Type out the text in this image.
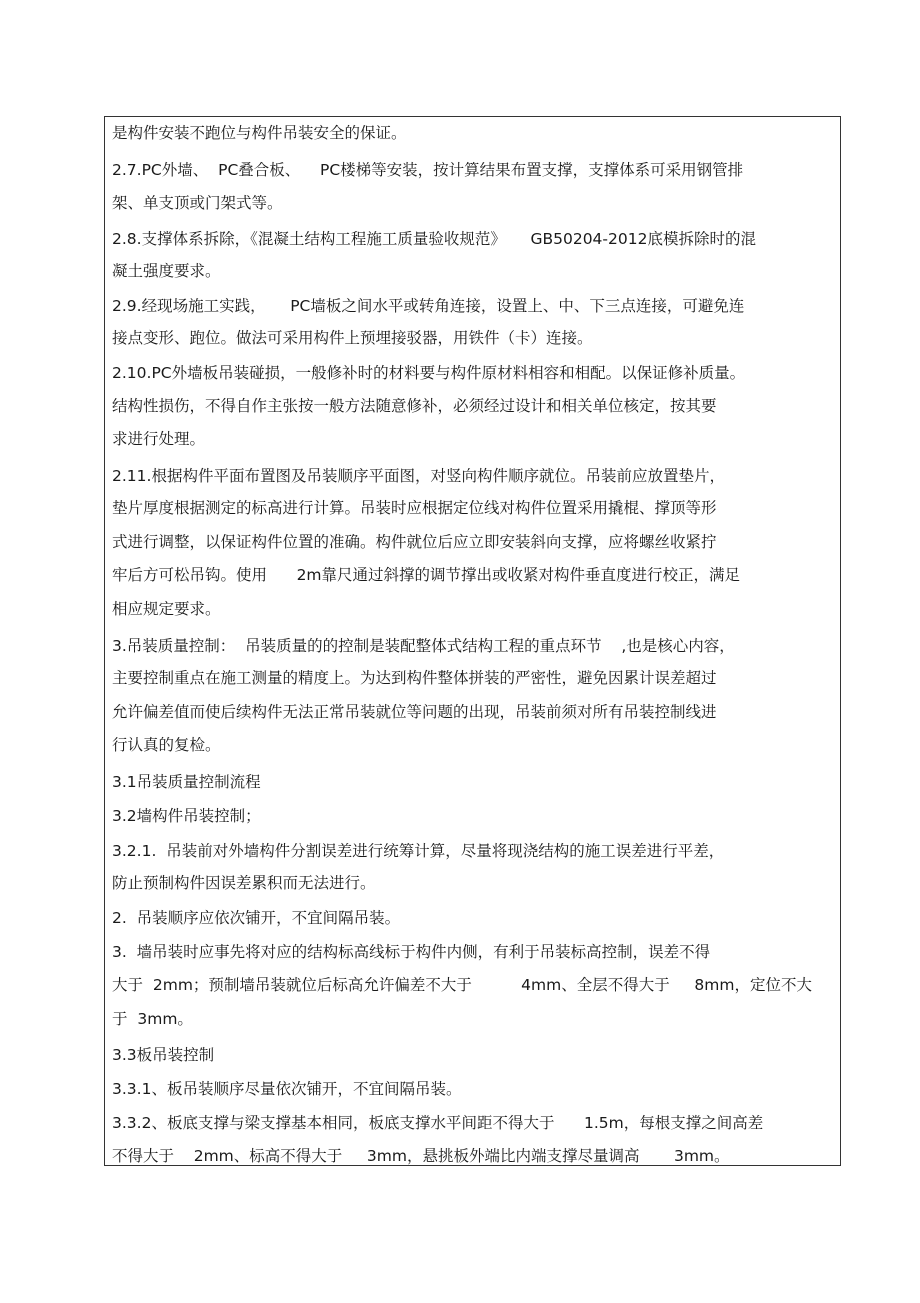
是构件安装不跑位与构件吊装安全的保证。
2.7.PC外墙、  PC叠合板、    PC楼梯等安装，按计算结果布置支撑，支撑体系可采用钢管排
架、单支顶或门架式等。
2.8.支撑体系拆除，《混凝土结构工程施工质量验收规范》     GB50204-2012底模拆除时的混
凝土强度要求。
2.9.经现场施工实践，     PC墙板之间水平或转角连接，设置上、中、下三点连接，可避免连
接点变形、跑位。做法可采用构件上预埋接驳器，用铁件（卡）连接。
2.10.PC外墙板吊装碰损，一般修补时的材料要与构件原材料相容和相配。以保证修补质量。
结构性损伤，不得自作主张按一般方法随意修补，必须经过设计和相关单位核定，按其要
求进行处理。
2.11.根据构件平面布置图及吊装顺序平面图，对竖向构件顺序就位。吊装前应放置垫片，
垫片厚度根据测定的标高进行计算。吊装时应根据定位线对构件位置采用撬棍、撑顶等形
式进行调整，以保证构件位置的准确。构件就位后应立即安装斜向支撑，应将螺丝收紧拧
牢后方可松吊钩。使用      2m靠尺通过斜撑的调节撑出或收紧对构件垂直度进行校正，满足
相应规定要求。
3.吊装质量控制：  吊装质量的的控制是装配整体式结构工程的重点环节    ,也是核心内容，
主要控制重点在施工测量的精度上。为达到构件整体拼装的严密性，避免因累计误差超过
允许偏差值而使后续构件无法正常吊装就位等问题的出现，吊装前须对所有吊装控制线进
行认真的复检。
3.1吊装质量控制流程
3.2墙构件吊装控制；
3.2.1.  吊装前对外墙构件分割误差进行统筹计算，尽量将现浇结构的施工误差进行平差，
防止预制构件因误差累积而无法进行。
2.  吊装顺序应依次铺开，不宜间隔吊装。
3.  墙吊装时应事先将对应的结构标高线标于构件内侧，有利于吊装标高控制，误差不得
大于  2mm；预制墙吊装就位后标高允许偏差不大于          4mm、全层不得大于     8mm，定位不大
于  3mm。
3.3板吊装控制
3.3.1、板吊装顺序尽量依次铺开，不宜间隔吊装。
3.3.2、板底支撑与梁支撑基本相同，板底支撑水平间距不得大于      1.5m，每根支撑之间高差
不得大于    2mm、标高不得大于     3mm，悬挑板外端比内端支撑尽量调高       3mm。
